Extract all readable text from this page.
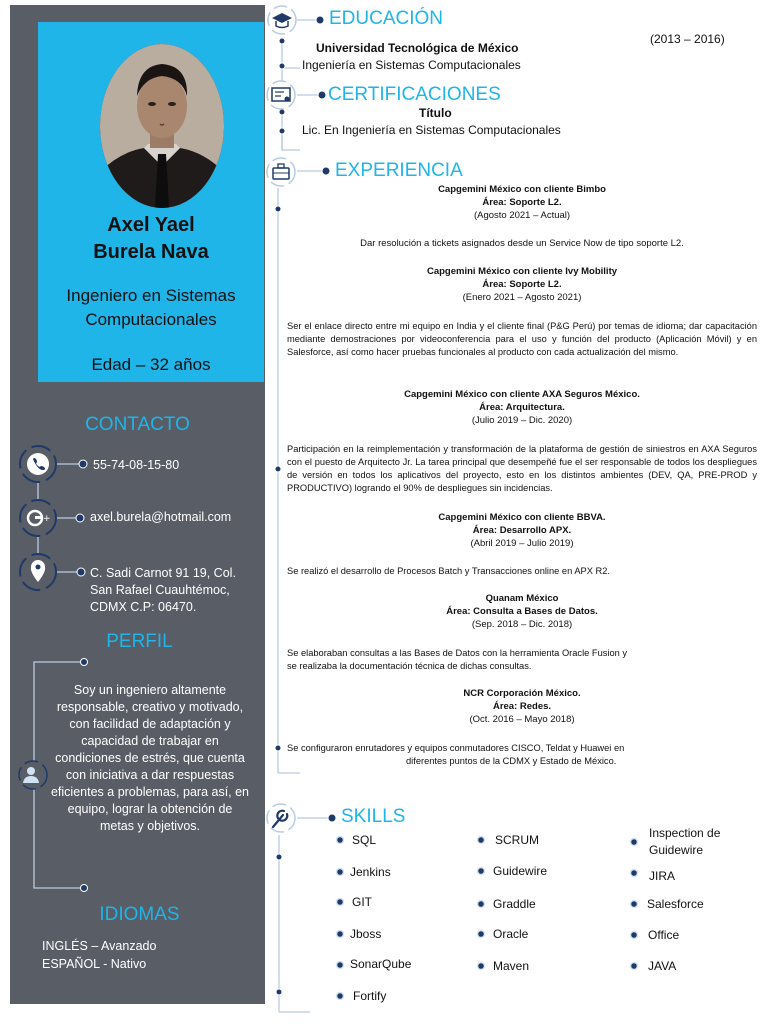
Axel Yael
Burela Nava
Ingeniero en Sistemas
Computacionales
Edad – 32 años
CONTACTO
55-74-08-15-80
axel.burela@hotmail.com
C. Sadi Carnot 91 19, Col.
San Rafael Cuauhtémoc,
CDMX C.P: 06470.
PERFIL
Soy un ingeniero altamente responsable, creativo y motivado, con facilidad de adaptación y capacidad de trabajar en condiciones de estrés, que cuenta con iniciativa a dar respuestas eficientes a problemas, para así, en equipo, lograr la obtención de metas y objetivos.
IDIOMAS
INGLÉS – Avanzado
ESPAÑOL - Nativo
+
EDUCACIÓN
Universidad Tecnológica de México
Ingeniería en Sistemas Computacionales
(2013 – 2016)
CERTIFICACIONES
Título
Lic. En Ingeniería en Sistemas Computacionales
EXPERIENCIA
Capgemini México con cliente Bimbo
Área: Soporte L2.
(Agosto 2021 – Actual)
Dar resolución a tickets asignados desde un Service Now de tipo soporte L2.
Capgemini México con cliente Ivy Mobility
Área: Soporte L2.
(Enero 2021 – Agosto 2021)
Ser el enlace directo entre mi equipo en India y el cliente final (P&G Perú) por temas de idioma; dar capacitación mediante demostraciones por videoconferencia para el uso y función del producto (Aplicación Móvil) y en Salesforce, así como hacer pruebas funcionales al producto con cada actualización del mismo.
Capgemini México con cliente AXA Seguros México.
Área: Arquitectura.
(Julio 2019 – Dic. 2020)
Participación en la reimplementación y transformación de la plataforma de gestión de siniestros en AXA Seguros con el puesto de Arquitecto Jr. La tarea principal que desempeñé fue el ser responsable de todos los despliegues de versión en todos los aplicativos del proyecto, esto en los distintos ambientes (DEV, QA, PRE-PROD y PRODUCTIVO) logrando el 90% de despliegues sin incidencias.
Capgemini México con cliente BBVA.
Área: Desarrollo APX.
(Abril 2019 – Julio 2019)
Se realizó el desarrollo de Procesos Batch y Transacciones online en APX R2.
Quanam México
Área: Consulta a Bases de Datos.
(Sep. 2018 – Dic. 2018)
Se elaboraban consultas a las Bases de Datos con la herramienta Oracle Fusion y
se realizaba la documentación técnica de dichas consultas.
NCR Corporación México.
Área: Redes.
(Oct. 2016 – Mayo 2018)
Se configuraron enrutadores y equipos conmutadores CISCO, Teldat y Huawei en
diferentes puntos de la CDMX y Estado de México.
SKILLS
SQL
Jenkins
GIT
Jboss
SonarQube
Fortify
SCRUM
Guidewire
Graddle
Oracle
Maven
Inspection de
Guidewire
JIRA
Salesforce
Office
JAVA
